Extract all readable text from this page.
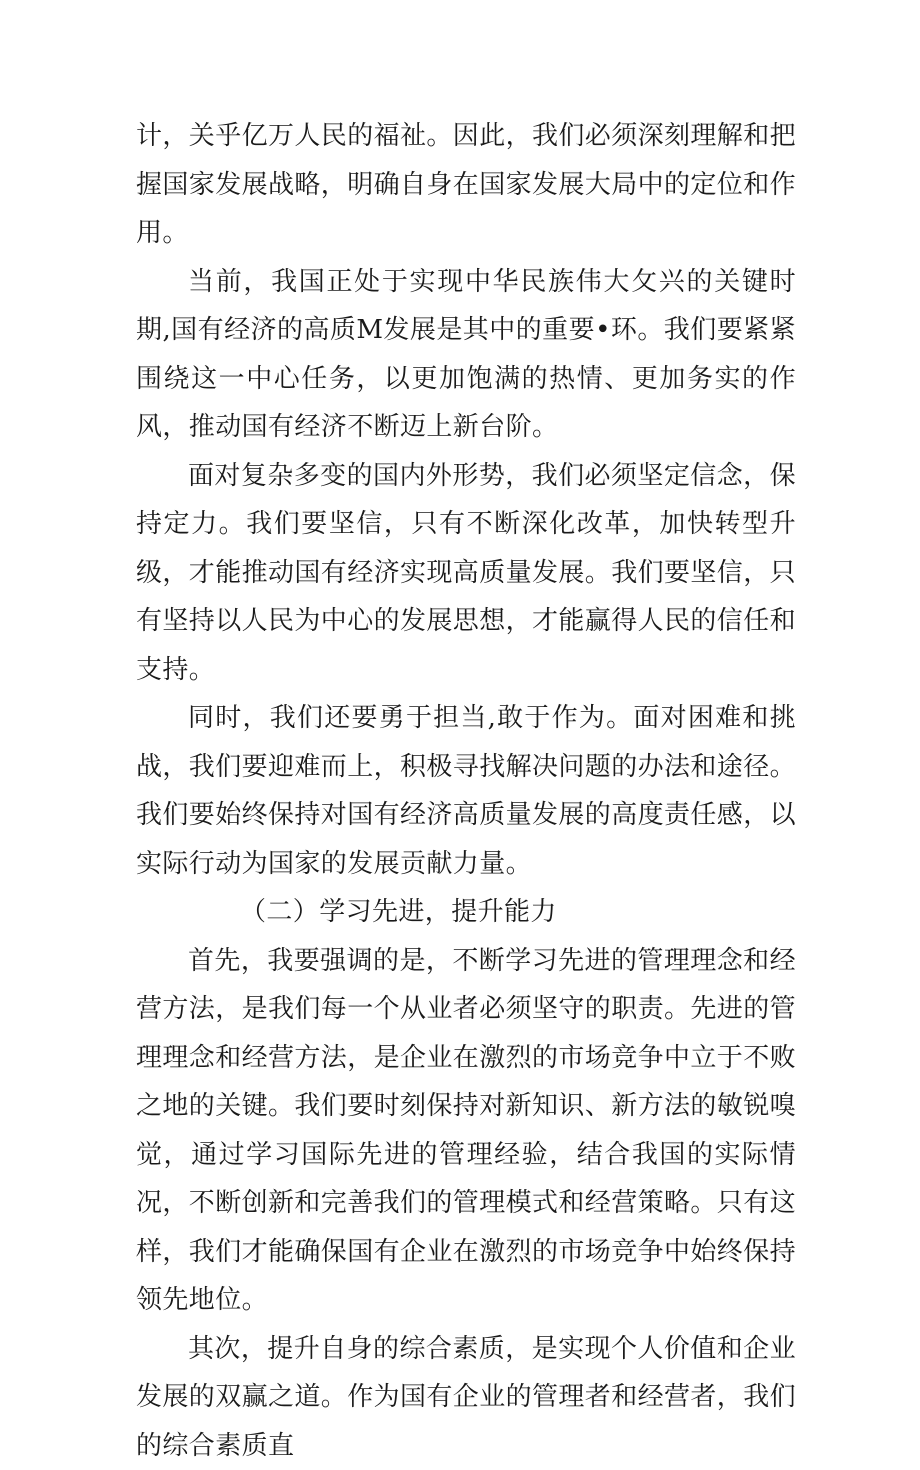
计，关乎亿万人民的福祉。因此，我们必须深刻理解和把握国家发展战略，明确自身在国家发展大局中的定位和作用。

当前，我国正处于实现中华民族伟大攵兴的关键时期,国有经济的高质M发展是其中的重要•环。我们要紧紧围绕这一中心任务，以更加饱满的热情、更加务实的作风，推动国有经济不断迈上新台阶。

面对复杂多变的国内外形势，我们必须坚定信念，保持定力。我们要坚信，只有不断深化改革，加快转型升级，才能推动国有经济实现高质量发展。我们要坚信，只有坚持以人民为中心的发展思想，才能赢得人民的信任和支持。

同时，我们还要勇于担当,敢于作为。面对困难和挑战，我们要迎难而上，积极寻找解决问题的办法和途径。我们要始终保持对国有经济高质量发展的高度责任感，以实际行动为国家的发展贡献力量。

（二）学习先进，提升能力

首先，我要强调的是，不断学习先进的管理理念和经营方法，是我们每一个从业者必须坚守的职责。先进的管理理念和经营方法，是企业在激烈的市场竞争中立于不败之地的关键。我们要时刻保持对新知识、新方法的敏锐嗅觉，通过学习国际先进的管理经验，结合我国的实际情况，不断创新和完善我们的管理模式和经营策略。只有这样，我们才能确保国有企业在激烈的市场竞争中始终保持领先地位。

其次，提升自身的综合素质，是实现个人价值和企业发展的双赢之道。作为国有企业的管理者和经营者，我们的综合素质直
